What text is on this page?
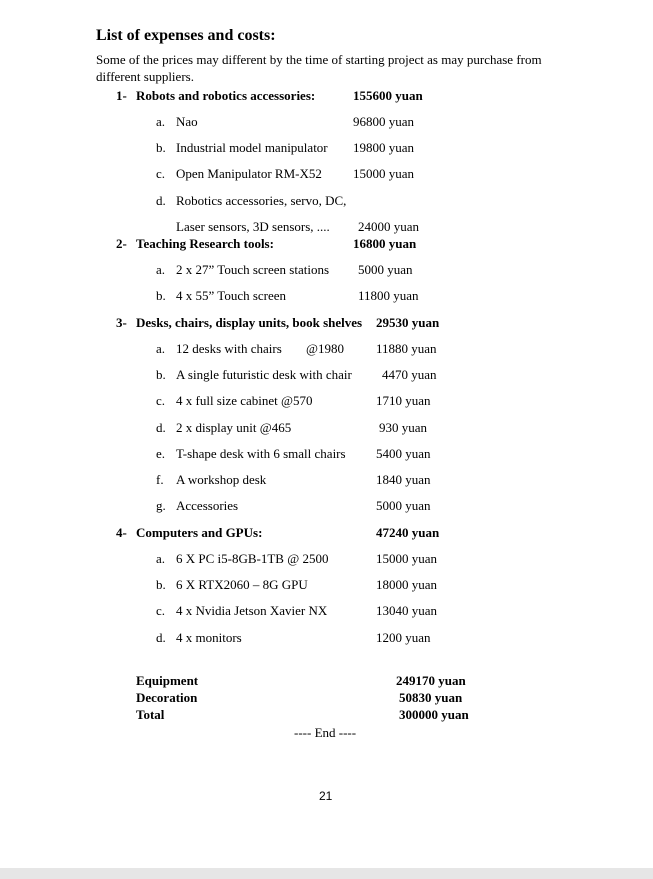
List of expenses and costs:
Some of the prices may different by the time of starting project as may purchase from different suppliers.
1- Robots and robotics accessories:	155600 yuan
a. Nao	96800 yuan
b. Industrial model manipulator 19800 yuan
c. Open Manipulator RM-X52 15000 yuan
d. Robotics accessories, servo, DC,
Laser sensors, 3D sensors, .... 24000 yuan
2- Teaching Research tools:	16800 yuan
a. 2 x 27” Touch screen stations 5000 yuan
b. 4 x 55” Touch screen	11800 yuan
3- Desks, chairs, display units, book shelves 29530 yuan
a. 12 desks with chairs @1980 11880 yuan
b. A single futuristic desk with chair 4470 yuan
c. 4 x full size cabinet @570	1710 yuan
d. 2 x display unit @465	930 yuan
e. T-shape desk with 6 small chairs 5400 yuan
f. A workshop desk	1840 yuan
g. Accessories	5000 yuan
4- Computers and GPUs:	47240 yuan
a. 6 X PC i5-8GB-1TB @ 2500	15000 yuan
b. 6 X RTX2060 – 8G GPU	18000 yuan
c. 4 x Nvidia Jetson Xavier NX	13040 yuan
d. 4 x monitors	1200 yuan
Equipment	249170 yuan
Decoration	50830 yuan
Total	300000 yuan
---- End ----
21
